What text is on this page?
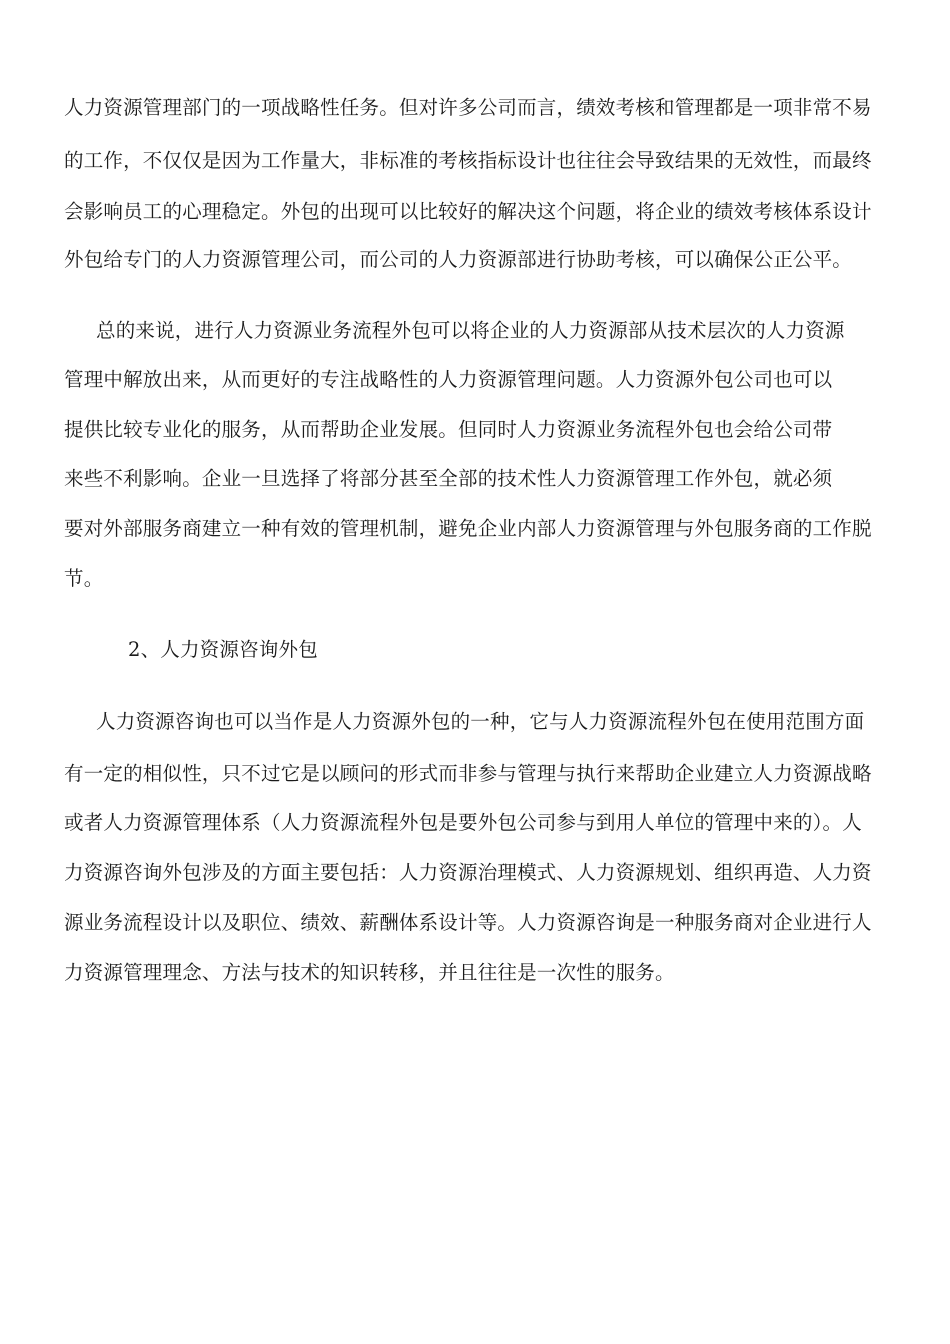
人力资源管理部门的一项战略性任务。但对许多公司而言，绩效考核和管理都是一项非常不易
的工作，不仅仅是因为工作量大，非标准的考核指标设计也往往会导致结果的无效性，而最终
会影响员工的心理稳定。外包的出现可以比较好的解决这个问题，将企业的绩效考核体系设计
外包给专门的人力资源管理公司，而公司的人力资源部进行协助考核，可以确保公正公平。
总的来说，进行人力资源业务流程外包可以将企业的人力资源部从技术层次的人力资源
管理中解放出来，从而更好的专注战略性的人力资源管理问题。人力资源外包公司也可以
提供比较专业化的服务，从而帮助企业发展。但同时人力资源业务流程外包也会给公司带
来些不利影响。企业一旦选择了将部分甚至全部的技术性人力资源管理工作外包，就必须
要对外部服务商建立一种有效的管理机制，避免企业内部人力资源管理与外包服务商的工作脱
节。
2、人力资源咨询外包
人力资源咨询也可以当作是人力资源外包的一种，它与人力资源流程外包在使用范围方面
有一定的相似性，只不过它是以顾问的形式而非参与管理与执行来帮助企业建立人力资源战略
或者人力资源管理体系（人力资源流程外包是要外包公司参与到用人单位的管理中来的）。人
力资源咨询外包涉及的方面主要包括：人力资源治理模式、人力资源规划、组织再造、人力资
源业务流程设计以及职位、绩效、薪酬体系设计等。人力资源咨询是一种服务商对企业进行人
力资源管理理念、方法与技术的知识转移，并且往往是一次性的服务。
